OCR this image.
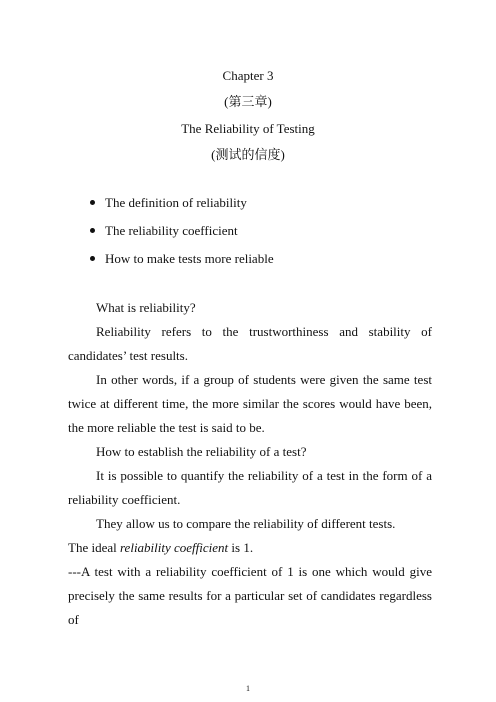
Chapter 3
(第三章)
The Reliability of Testing
(测试的信度)
The definition of reliability
The reliability coefficient
How to make tests more reliable

What is reliability?

Reliability refers to the trustworthiness and stability of candidates’ test results.

In other words, if a group of students were given the same test twice at different time, the more similar the scores would have been, the more reliable the test is said to be.

How to establish the reliability of a test?

It is possible to quantify the reliability of a test in the form of a reliability coefficient.

They allow us to compare the reliability of different tests.

The ideal reliability coefficient is 1.

---A test with a reliability coefficient of 1 is one which would give precisely the same results for a particular set of candidates regardless of

1
